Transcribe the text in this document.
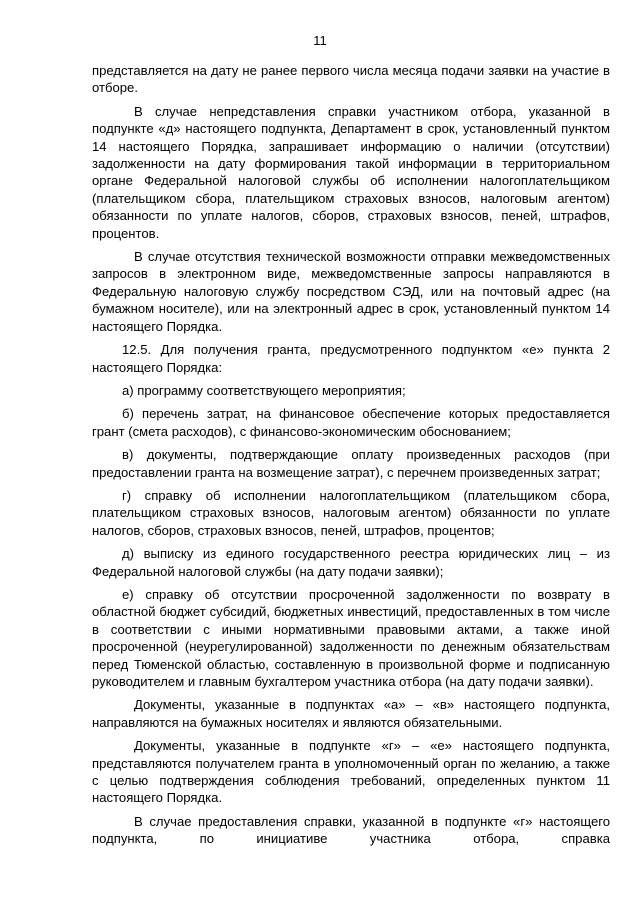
11

представляется на дату не ранее первого числа месяца подачи заявки на участие в отборе.

В случае непредставления справки участником отбора, указанной в подпункте «д» настоящего подпункта, Департамент в срок, установленный пунктом 14 настоящего Порядка, запрашивает информацию о наличии (отсутствии) задолженности на дату формирования такой информации в территориальном органе Федеральной налоговой службы об исполнении налогоплательщиком (плательщиком сбора, плательщиком страховых взносов, налоговым агентом) обязанности по уплате налогов, сборов, страховых взносов, пеней, штрафов, процентов.

В случае отсутствия технической возможности отправки межведомственных запросов в электронном виде, межведомственные запросы направляются в Федеральную налоговую службу посредством СЭД, или на почтовый адрес (на бумажном носителе), или на электронный адрес в срок, установленный пунктом 14 настоящего Порядка.

12.5. Для получения гранта, предусмотренного подпунктом «е» пункта 2 настоящего Порядка:

а) программу соответствующего мероприятия;

б) перечень затрат, на финансовое обеспечение которых предоставляется грант (смета расходов), с финансово-экономическим обоснованием;

в) документы, подтверждающие оплату произведенных расходов (при предоставлении гранта на возмещение затрат), с перечнем произведенных затрат;

г) справку об исполнении налогоплательщиком (плательщиком сбора, плательщиком страховых взносов, налоговым агентом) обязанности по уплате налогов, сборов, страховых взносов, пеней, штрафов, процентов;

д) выписку из единого государственного реестра юридических лиц – из Федеральной налоговой службы (на дату подачи заявки);

е) справку об отсутствии просроченной задолженности по возврату в областной бюджет субсидий, бюджетных инвестиций, предоставленных в том числе в соответствии с иными нормативными правовыми актами, а также иной просроченной (неурегулированной) задолженности по денежным обязательствам перед Тюменской областью, составленную в произвольной форме и подписанную руководителем и главным бухгалтером участника отбора (на дату подачи заявки).

Документы, указанные в подпунктах «а» – «в» настоящего подпункта, направляются на бумажных носителях и являются обязательными.

Документы, указанные в подпункте «г» – «е» настоящего подпункта, представляются получателем гранта в уполномоченный орган по желанию, а также с целью подтверждения соблюдения требований, определенных пунктом 11 настоящего Порядка.

В случае предоставления справки, указанной в подпункте «г» настоящего подпункта, по инициативе участника отбора, справка
